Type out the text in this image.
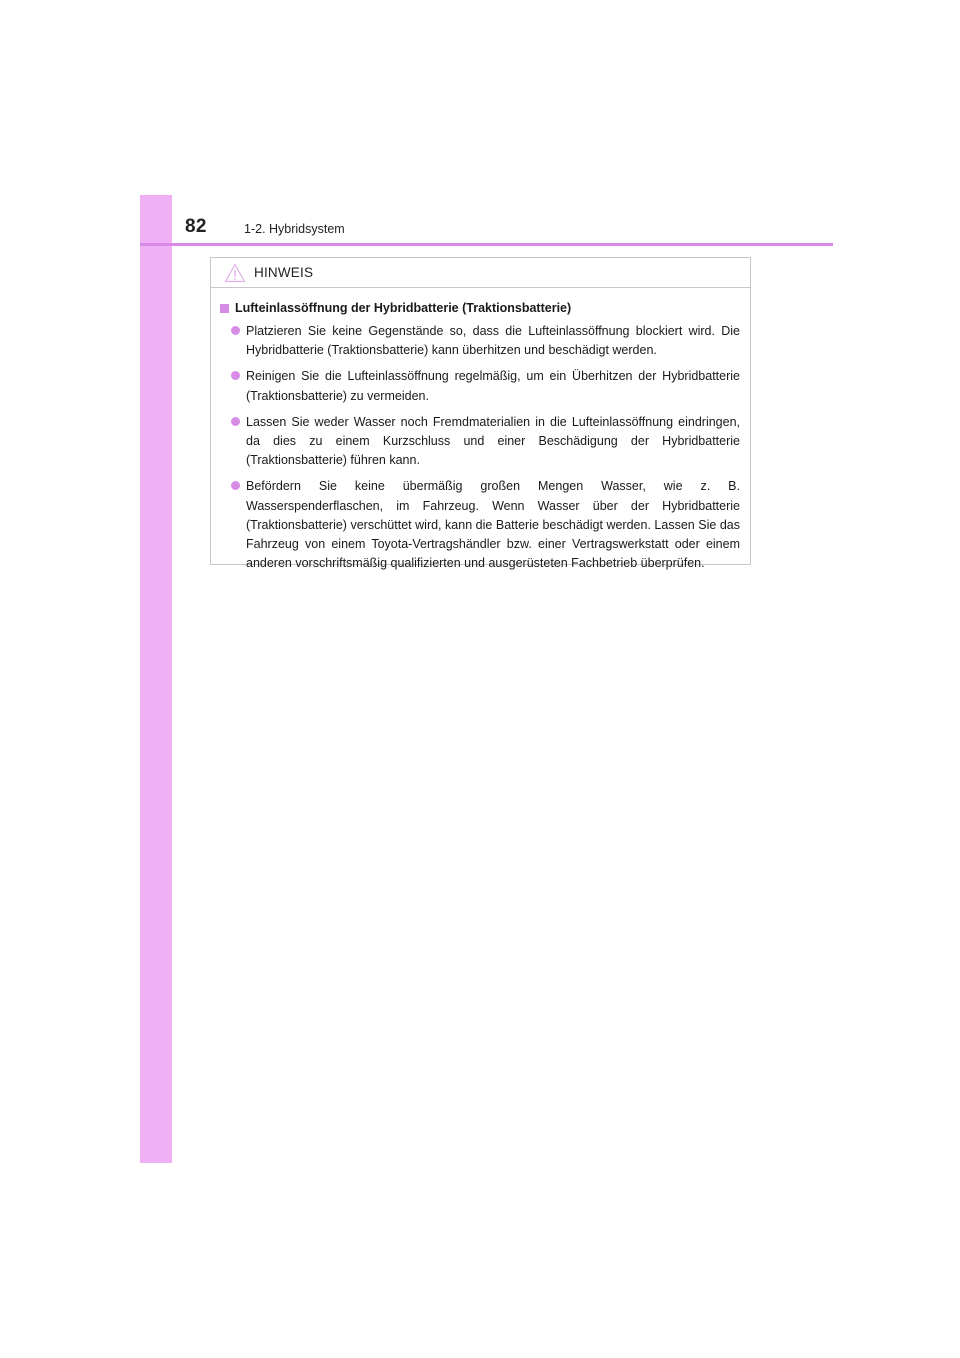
82	1-2. Hybridsystem
HINWEIS
Lufteinlassöffnung der Hybridbatterie (Traktionsbatterie)
Platzieren Sie keine Gegenstände so, dass die Lufteinlassöffnung blockiert wird. Die Hybridbatterie (Traktionsbatterie) kann überhitzen und beschädigt werden.
Reinigen Sie die Lufteinlassöffnung regelmäßig, um ein Überhitzen der Hybridbatterie (Traktionsbatterie) zu vermeiden.
Lassen Sie weder Wasser noch Fremdmaterialien in die Lufteinlassöffnung eindringen, da dies zu einem Kurzschluss und einer Beschädigung der Hybridbatterie (Traktionsbatterie) führen kann.
Befördern Sie keine übermäßig großen Mengen Wasser, wie z. B. Wasserspenderflaschen, im Fahrzeug. Wenn Wasser über der Hybridbatterie (Traktionsbatterie) verschüttet wird, kann die Batterie beschädigt werden. Lassen Sie das Fahrzeug von einem Toyota-Vertragshändler bzw. einer Vertragswerkstatt oder einem anderen vorschriftsmäßig qualifizierten und ausgerüsteten Fachbetrieb überprüfen.
